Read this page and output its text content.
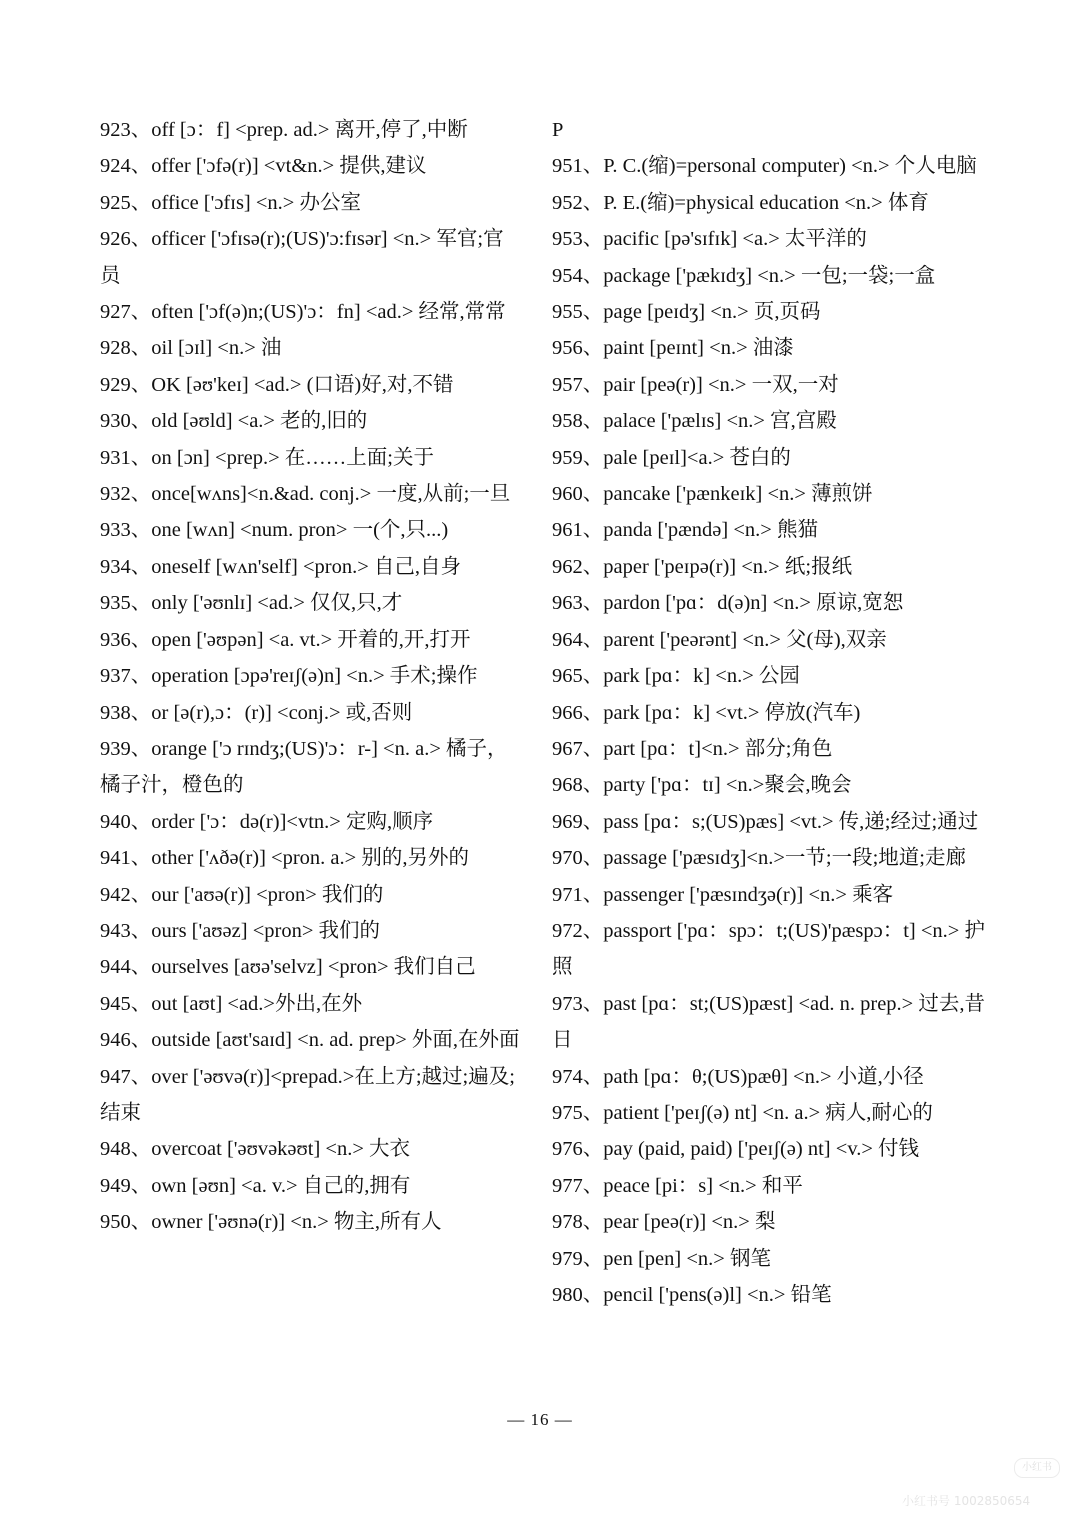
923、off [ɔ：f] <prep. ad.> 离开,停了,中断

924、offer ['ɔfə(r)] <vt&n.> 提供,建议

925、office ['ɔfɪs] <n.> 办公室

926、officer ['ɔfɪsə(r);(US)'ɔ:fɪsər] <n.> 军官;官员

927、often ['ɔf(ə)n;(US)'ɔ：fn] <ad.> 经常,常常

928、oil [ɔɪl] <n.> 油

929、OK [əʊ'keɪ] <ad.> (口语)好,对,不错

930、old [əʊld] <a.> 老的,旧的

931、on [ɔn] <prep.> 在……上面;关于

932、once[wʌns]<n.&ad. conj.> 一度,从前;一旦

933、one [wʌn] <num. pron> 一(个,只...)

934、oneself [wʌn'self] <pron.> 自己,自身

935、only ['əʊnlɪ] <ad.> 仅仅,只,才

936、open ['əʊpən] <a. vt.> 开着的,开,打开

937、operation [ɔpə'reɪʃ(ə)n] <n.> 手术;操作

938、or [ə(r),ɔ：(r)] <conj.> 或,否则

939、orange ['ɔ rɪndʒ;(US)'ɔ：r-] <n. a.> 橘子，橘子汁，橙色的

940、order ['ɔ：də(r)]<vtn.> 定购,顺序

941、other ['ʌðə(r)] <pron. a.> 别的,另外的

942、our ['aʊə(r)] <pron> 我们的

943、ours ['aʊəz] <pron> 我们的

944、ourselves [aʊə'selvz] <pron> 我们自己

945、out [aʊt] <ad.>外出,在外

946、outside [aʊt'saɪd] <n. ad. prep> 外面,在外面

947、over ['əʊvə(r)]<prepad.>在上方;越过;遍及;结束

948、overcoat ['əʊvəkəʊt] <n.> 大衣

949、own [əʊn] <a. v.> 自己的,拥有

950、owner ['əʊnə(r)] <n.> 物主,所有人

P

951、P. C.(缩)=personal computer) <n.> 个人电脑

952、P. E.(缩)=physical education <n.> 体育

953、pacific [pə'sɪfɪk] <a.> 太平洋的

954、package ['pækɪdʒ] <n.> 一包;一袋;一盒

955、page [peɪdʒ] <n.> 页,页码

956、paint [peɪnt] <n.> 油漆

957、pair [peə(r)] <n.> 一双,一对

958、palace ['pælɪs] <n.> 宫,宫殿

959、pale [peɪl]<a.> 苍白的

960、pancake ['pænkeɪk] <n.> 薄煎饼

961、panda ['pændə] <n.> 熊猫

962、paper ['peɪpə(r)] <n.> 纸;报纸

963、pardon ['pɑ：d(ə)n] <n.> 原谅,宽恕

964、parent ['peərənt] <n.> 父(母),双亲

965、park [pɑ：k] <n.> 公园

966、park [pɑ：k] <vt.> 停放(汽车)

967、part [pɑ：t]<n.> 部分;角色

968、party ['pɑ：tɪ] <n.>聚会,晚会

969、pass [pɑ：s;(US)pæs] <vt.> 传,递;经过;通过

970、passage ['pæsɪdʒ]<n.>一节;一段;地道;走廊

971、passenger ['pæsɪndʒə(r)] <n.> 乘客

972、passport ['pɑ：spɔ：t;(US)'pæspɔ：t] <n.> 护照

973、past [pɑ：st;(US)pæst] <ad. n. prep.> 过去,昔日

974、path [pɑ：θ;(US)pæθ] <n.> 小道,小径

975、patient ['peɪʃ(ə) nt] <n. a.> 病人,耐心的

976、pay (paid, paid) ['peɪʃ(ə) nt] <v.> 付钱

977、peace [pi：s] <n.> 和平

978、pear [peə(r)] <n.> 梨

979、pen [pen] <n.> 钢笔

980、pencil ['pens(ə)l] <n.> 铅笔

— 16 —
小红书
小红书号 1002850654
